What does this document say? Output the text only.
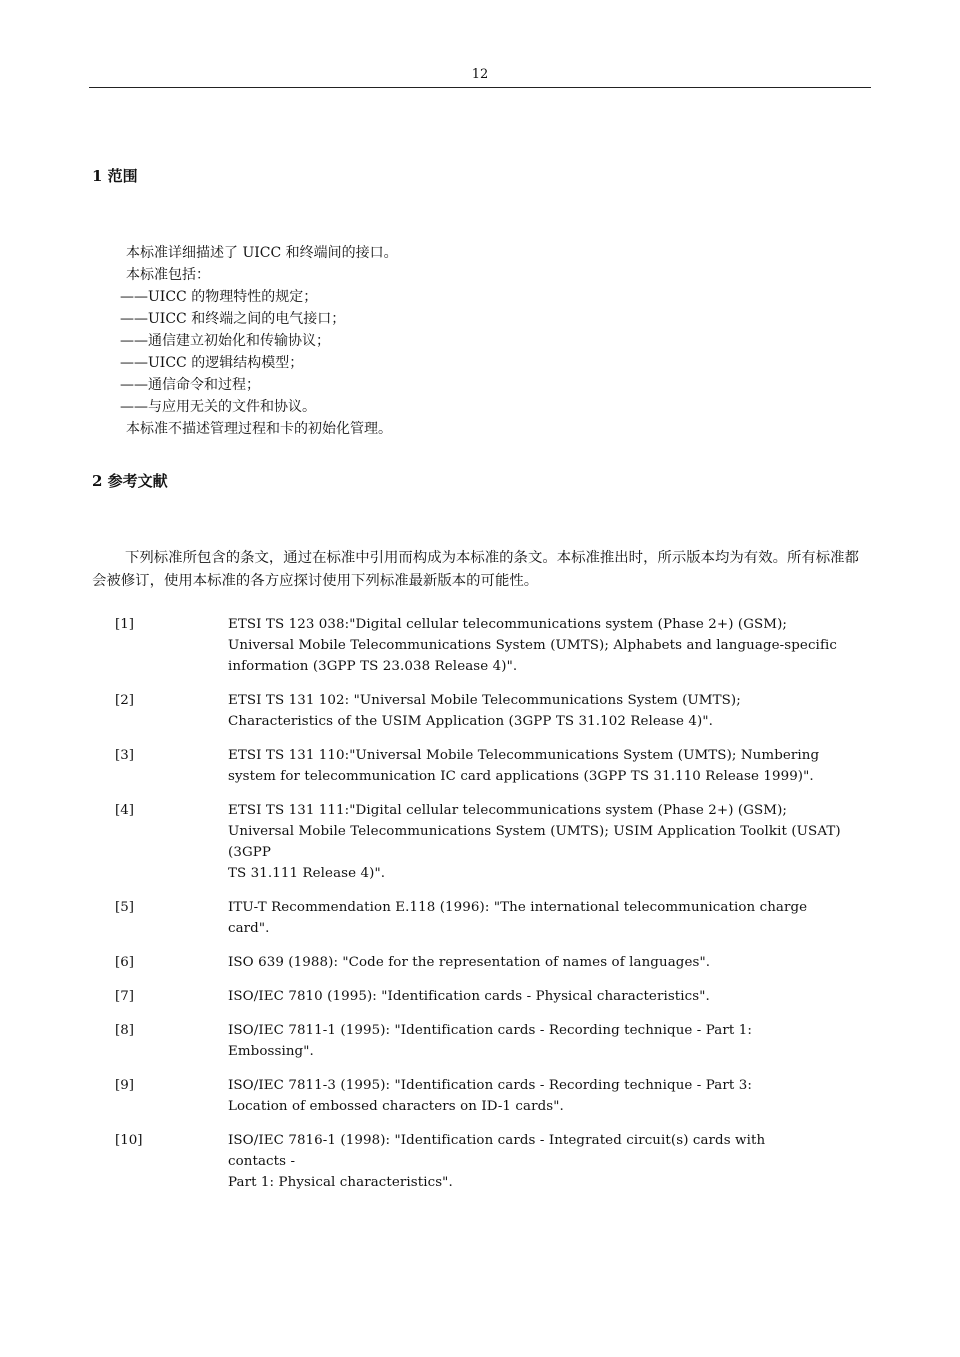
12
1 范围
本标准详细描述了 UICC 和终端间的接口。
本标准包括：
——UICC 的物理特性的规定；
——UICC 和终端之间的电气接口；
——通信建立初始化和传输协议；
——UICC 的逻辑结构模型；
——通信命令和过程；
——与应用无关的文件和协议。
本标准不描述管理过程和卡的初始化管理。
2 参考文献
下列标准所包含的条文，通过在标准中引用而构成为本标准的条文。本标准推出时，所示版本均为有效。所有标准都会被修订，使用本标准的各方应探讨使用下列标准最新版本的可能性。
[1]	ETSI TS 123 038:"Digital cellular telecommunications system (Phase 2+) (GSM);
Universal Mobile Telecommunications System (UMTS); Alphabets and language-specific
information (3GPP TS 23.038 Release 4)".
[2]	ETSI TS 131 102: "Universal Mobile Telecommunications System (UMTS);
Characteristics of the USIM Application (3GPP TS 31.102 Release 4)".
[3]	ETSI TS 131 110:"Universal Mobile Telecommunications System (UMTS); Numbering
system for telecommunication IC card applications (3GPP TS 31.110 Release 1999)".
[4]	ETSI TS 131 111:"Digital cellular telecommunications system (Phase 2+) (GSM);
Universal Mobile Telecommunications System (UMTS); USIM Application Toolkit (USAT)
(3GPP
TS 31.111 Release 4)".
[5]	ITU-T Recommendation E.118 (1996): "The international telecommunication charge
card".
[6]	ISO 639 (1988): "Code for the representation of names of languages".
[7]	ISO/IEC 7810 (1995): "Identification cards - Physical characteristics".
[8]	ISO/IEC 7811-1 (1995): "Identification cards - Recording technique - Part 1:
Embossing".
[9]	ISO/IEC 7811-3 (1995): "Identification cards - Recording technique - Part 3:
Location of embossed characters on ID-1 cards".
[10]	ISO/IEC 7816-1 (1998): "Identification cards - Integrated circuit(s) cards with
contacts -
Part 1: Physical characteristics".
